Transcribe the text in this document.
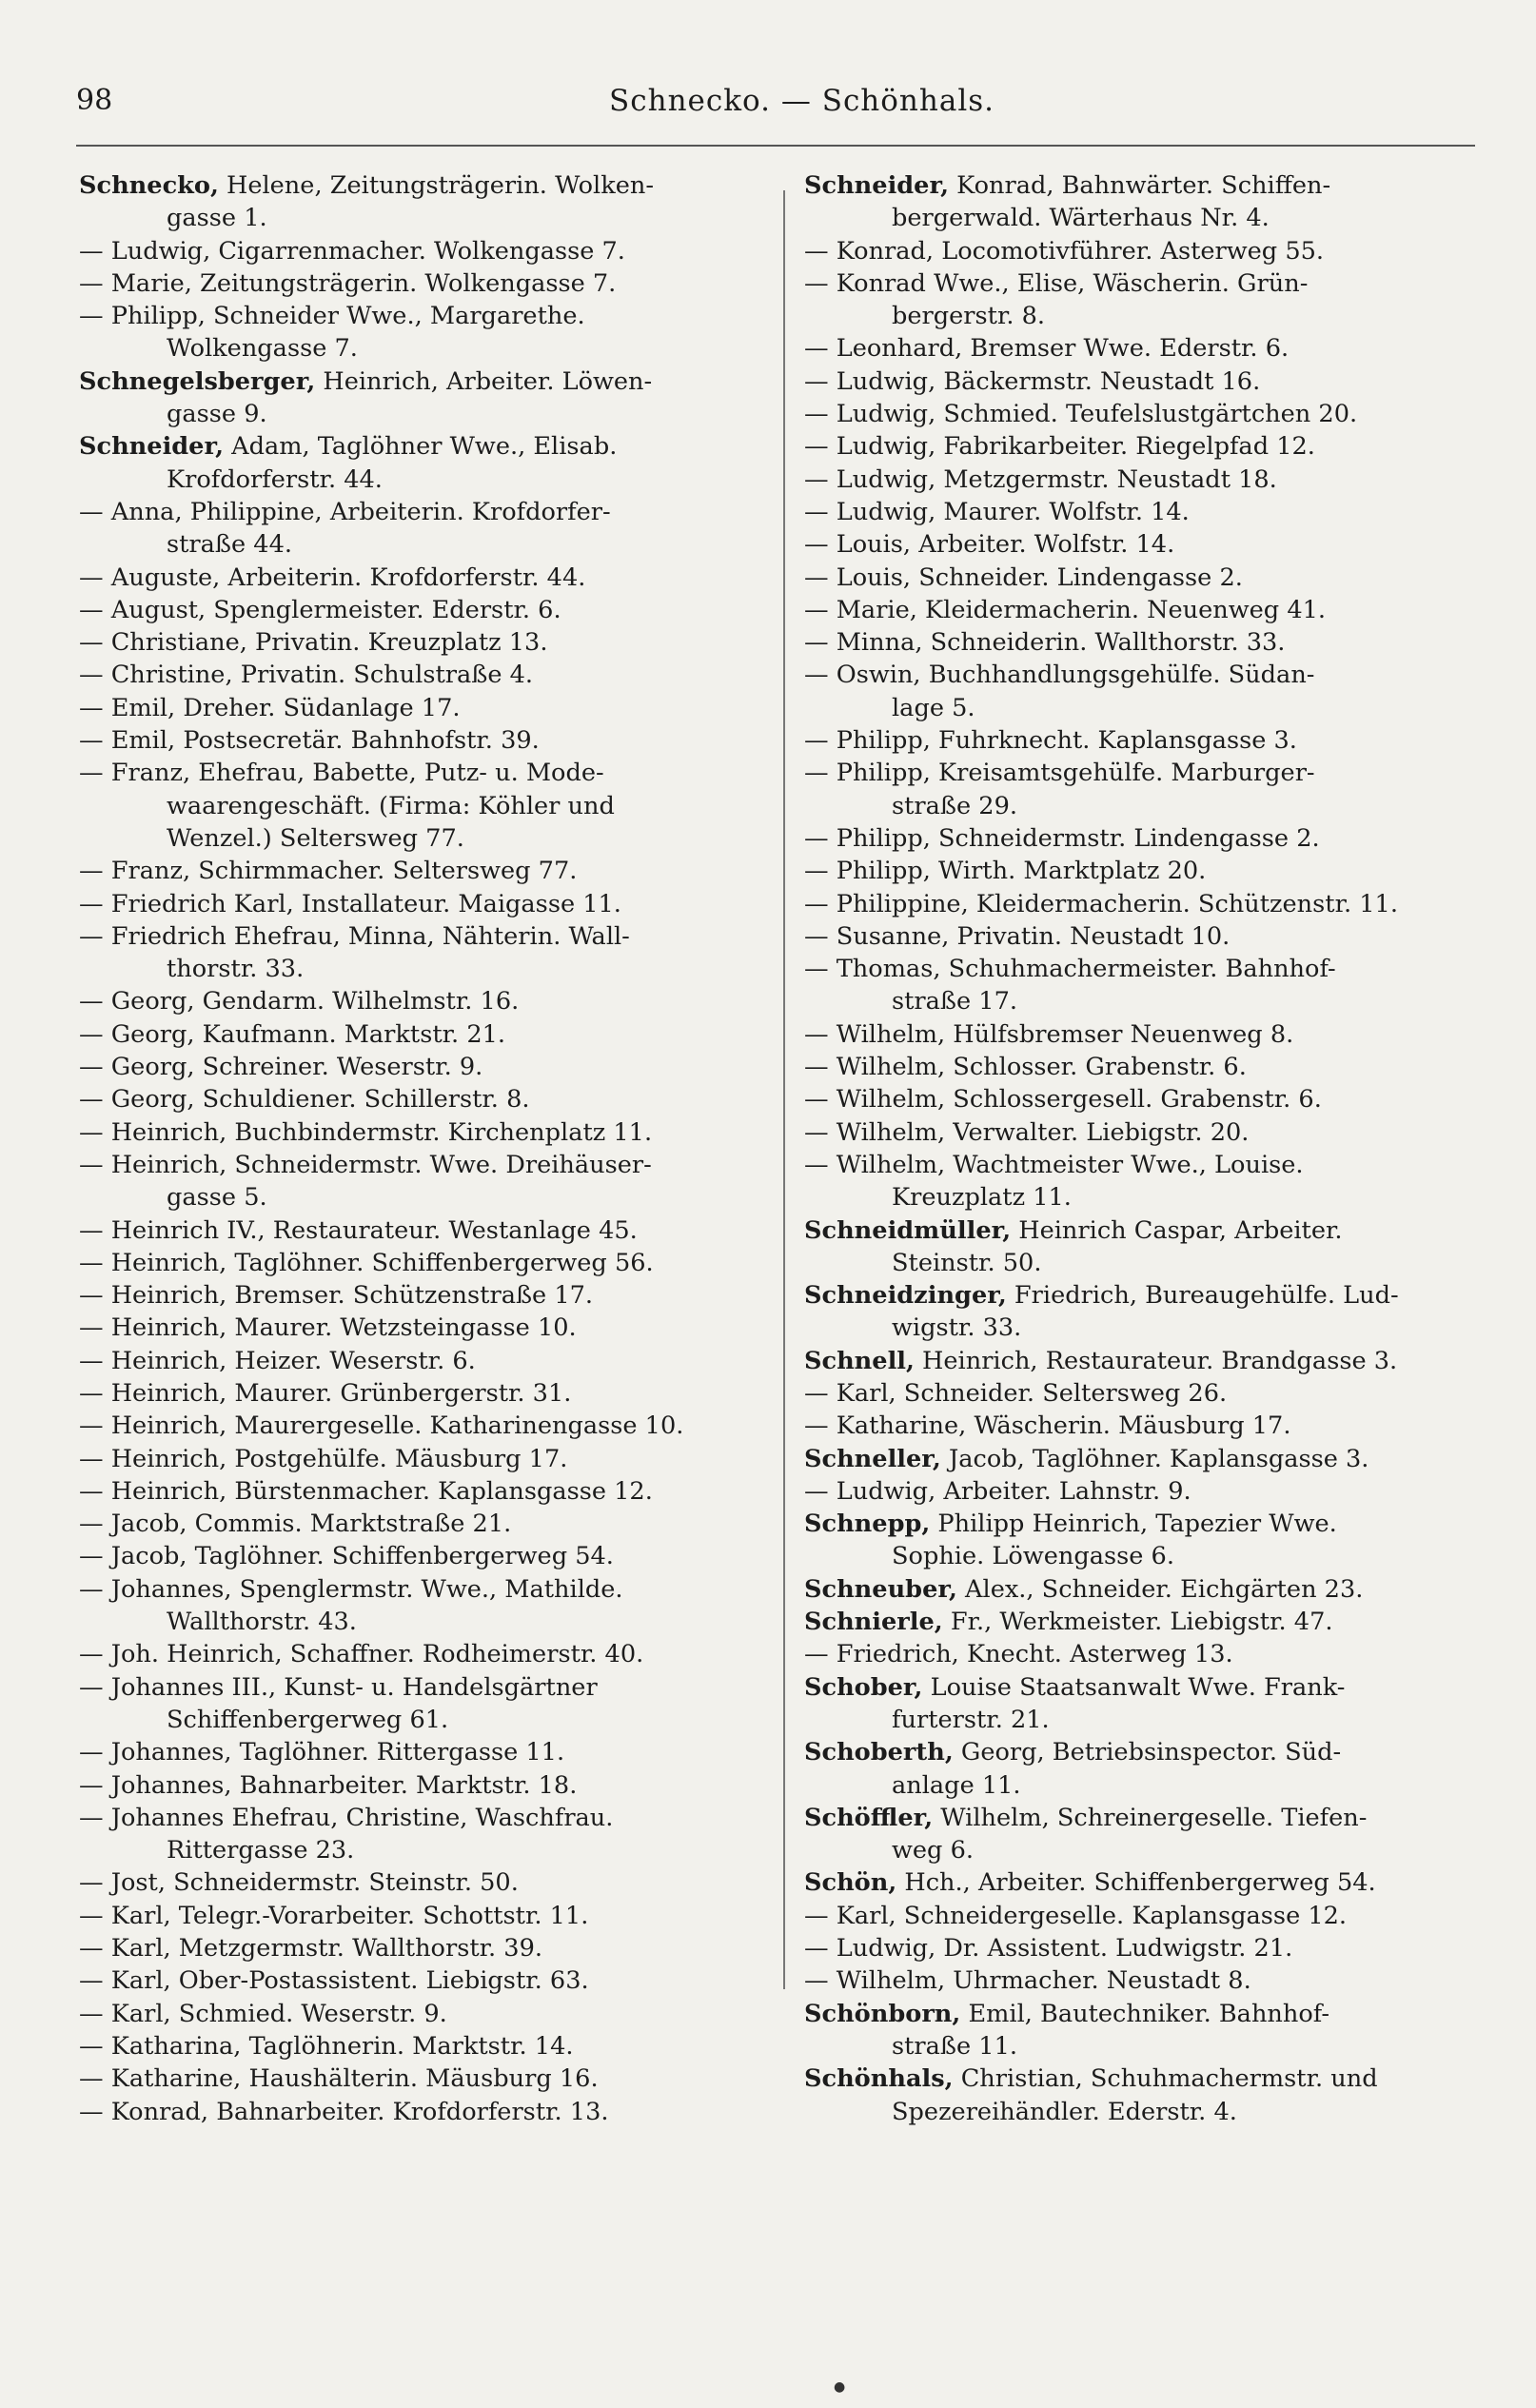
98	Schnecko. — Schönhals.
Schnecko, Helene, Zeitungsträgerin. Wolken-
gasse 1.
— Ludwig, Cigarrenmacher. Wolkengasse 7.
— Marie, Zeitungsträgerin. Wolkengasse 7.
— Philipp, Schneider Wwe., Margarethe.
Wolkengasse 7.
Schnegelsberger, Heinrich, Arbeiter. Löwen-
gasse 9.
Schneider, Adam, Taglöhner Wwe., Elisab.
Krofdorferstr. 44.
— Anna, Philippine, Arbeiterin. Krofdorfer-
straße 44.
— Auguste, Arbeiterin. Krofdorferstr. 44.
— August, Spenglermeister. Ederstr. 6.
— Christiane, Privatin. Kreuzplatz 13.
— Christine, Privatin. Schulstraße 4.
— Emil, Dreher. Südanlage 17.
— Emil, Postsecretär. Bahnhofstr. 39.
— Franz, Ehefrau, Babette, Putz- u. Mode-
waarengeschäft. (Firma: Köhler und
Wenzel.) Seltersweg 77.
— Franz, Schirmmacher. Seltersweg 77.
— Friedrich Karl, Installateur. Maigasse 11.
— Friedrich Ehefrau, Minna, Nähterin. Wall-
thorstr. 33.
— Georg, Gendarm. Wilhelmstr. 16.
— Georg, Kaufmann. Marktstr. 21.
— Georg, Schreiner. Weserstr. 9.
— Georg, Schuldiener. Schillerstr. 8.
— Heinrich, Buchbindermstr. Kirchenplatz 11.
— Heinrich, Schneidermstr. Wwe. Dreihäuser-
gasse 5.
— Heinrich IV., Restaurateur. Westanlage 45.
— Heinrich, Taglöhner. Schiffenbergerweg 56.
— Heinrich, Bremser. Schützenstraße 17.
— Heinrich, Maurer. Wetzsteingasse 10.
— Heinrich, Heizer. Weserstr. 6.
— Heinrich, Maurer. Grünbergerstr. 31.
— Heinrich, Maurergeselle. Katharinengasse 10.
— Heinrich, Postgehülfe. Mäusburg 17.
— Heinrich, Bürstenmacher. Kaplansgasse 12.
— Jacob, Commis. Marktstraße 21.
— Jacob, Taglöhner. Schiffenbergerweg 54.
— Johannes, Spenglermstr. Wwe., Mathilde.
Wallthorstr. 43.
— Joh. Heinrich, Schaffner. Rodheimerstr. 40.
— Johannes III., Kunst- u. Handelsgärtner
Schiffenbergerweg 61.
— Johannes, Taglöhner. Rittergasse 11.
— Johannes, Bahnarbeiter. Marktstr. 18.
— Johannes Ehefrau, Christine, Waschfrau.
Rittergasse 23.
— Jost, Schneidermstr. Steinstr. 50.
— Karl, Telegr.-Vorarbeiter. Schottstr. 11.
— Karl, Metzgermstr. Wallthorstr. 39.
— Karl, Ober-Postassistent. Liebigstr. 63.
— Karl, Schmied. Weserstr. 9.
— Katharina, Taglöhnerin. Marktstr. 14.
— Katharine, Haushälterin. Mäusburg 16.
— Konrad, Bahnarbeiter. Krofdorferstr. 13.
Schneider, Konrad, Bahnwärter. Schiffen-
bergerwald. Wärterhaus Nr. 4.
— Konrad, Locomotivführer. Asterweg 55.
— Konrad Wwe., Elise, Wäscherin. Grün-
bergerstr. 8.
— Leonhard, Bremser Wwe. Ederstr. 6.
— Ludwig, Bäckermstr. Neustadt 16.
— Ludwig, Schmied. Teufelslustgärtchen 20.
— Ludwig, Fabrikarbeiter. Riegelpfad 12.
— Ludwig, Metzgermstr. Neustadt 18.
— Ludwig, Maurer. Wolfstr. 14.
— Louis, Arbeiter. Wolfstr. 14.
— Louis, Schneider. Lindengasse 2.
— Marie, Kleidermacherin. Neuenweg 41.
— Minna, Schneiderin. Wallthorstr. 33.
— Oswin, Buchhandlungsgehülfe. Südan-
lage 5.
— Philipp, Fuhrknecht. Kaplansgasse 3.
— Philipp, Kreisamtsgehülfe. Marburger-
straße 29.
— Philipp, Schneidermstr. Lindengasse 2.
— Philipp, Wirth. Marktplatz 20.
— Philippine, Kleidermacherin. Schützenstr. 11.
— Susanne, Privatin. Neustadt 10.
— Thomas, Schuhmachermeister. Bahnhof-
straße 17.
— Wilhelm, Hülfsbremser Neuenweg 8.
— Wilhelm, Schlosser. Grabenstr. 6.
— Wilhelm, Schlossergesell. Grabenstr. 6.
— Wilhelm, Verwalter. Liebigstr. 20.
— Wilhelm, Wachtmeister Wwe., Louise.
Kreuzplatz 11.
Schneidmüller, Heinrich Caspar, Arbeiter.
Steinstr. 50.
Schneidzinger, Friedrich, Bureaugehülfe. Lud-
wigstr. 33.
Schnell, Heinrich, Restaurateur. Brandgasse 3.
— Karl, Schneider. Seltersweg 26.
— Katharine, Wäscherin. Mäusburg 17.
Schneller, Jacob, Taglöhner. Kaplansgasse 3.
— Ludwig, Arbeiter. Lahnstr. 9.
Schnepp, Philipp Heinrich, Tapezier Wwe.
Sophie. Löwengasse 6.
Schneuber, Alex., Schneider. Eichgärten 23.
Schnierle, Fr., Werkmeister. Liebigstr. 47.
— Friedrich, Knecht. Asterweg 13.
Schober, Louise Staatsanwalt Wwe. Frank-
furterstr. 21.
Schoberth, Georg, Betriebsinspector. Süd-
anlage 11.
Schöffler, Wilhelm, Schreinergeselle. Tiefen-
weg 6.
Schön, Hch., Arbeiter. Schiffenbergerweg 54.
— Karl, Schneidergeselle. Kaplansgasse 12.
— Ludwig, Dr. Assistent. Ludwigstr. 21.
— Wilhelm, Uhrmacher. Neustadt 8.
Schönborn, Emil, Bautechniker. Bahnhof-
straße 11.
Schönhals, Christian, Schuhmachermstr. und
Spezereihändler. Ederstr. 4.
●
